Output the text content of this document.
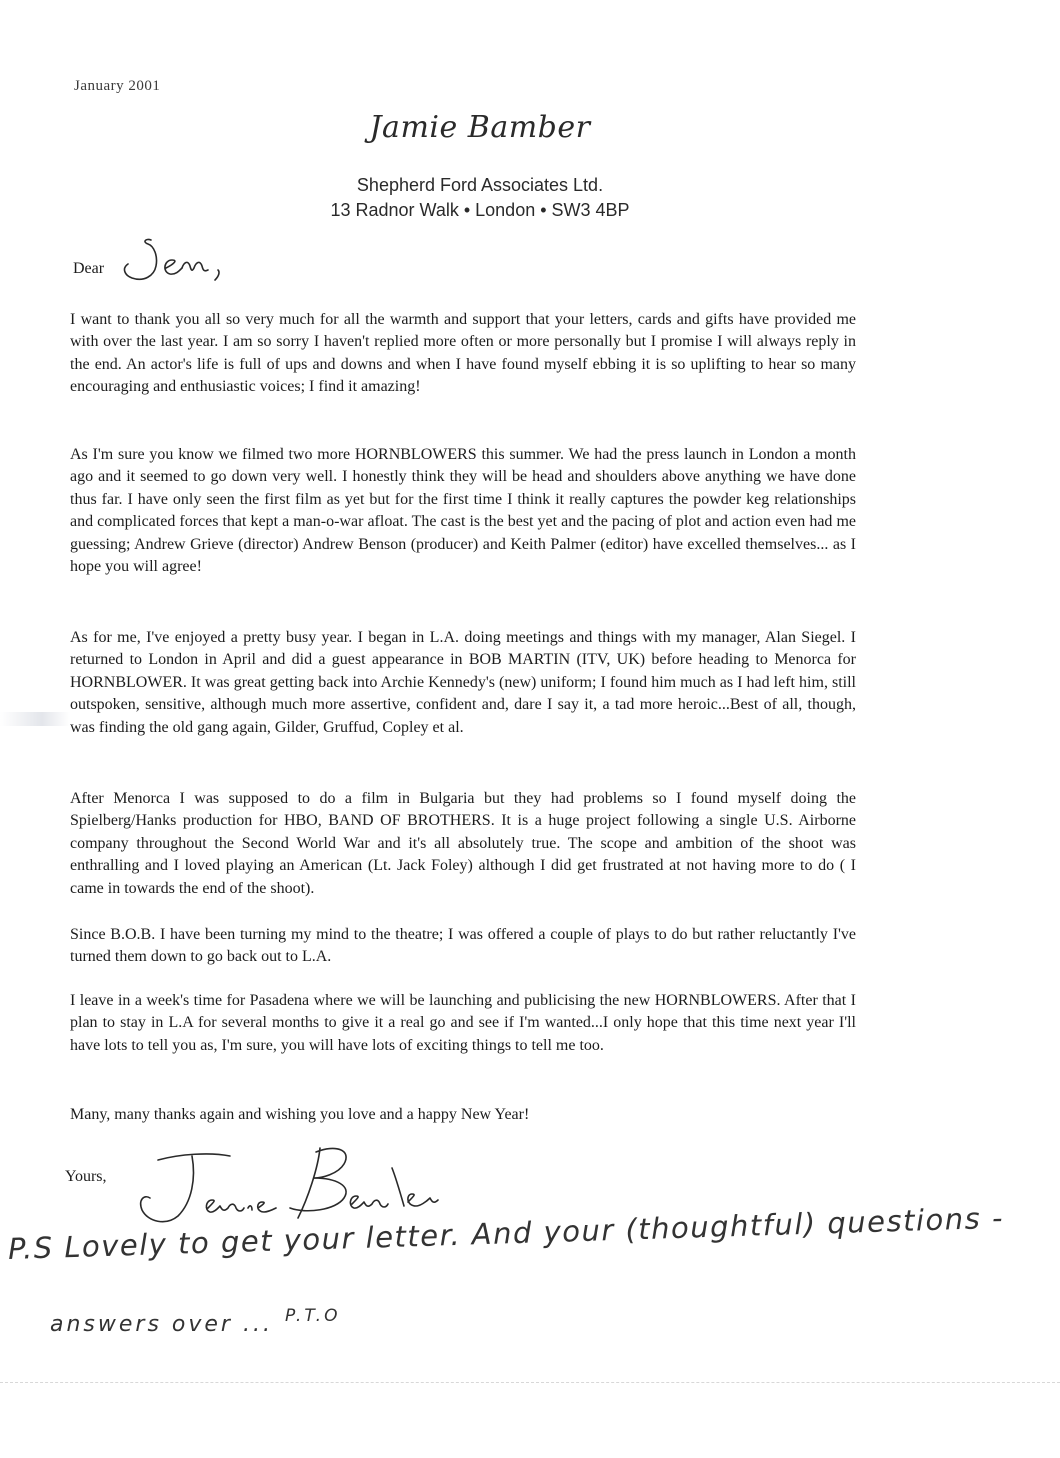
January 2001
Jamie Bamber
Shepherd Ford Associates Ltd.
13 Radnor Walk • London • SW3 4BP
Dear
I want to thank you all so very much for all the warmth and support that your letters, cards and gifts have provided me with over the last year. I am so sorry I haven't replied more often or more personally but I promise I will always reply in the end. An actor's life is full of ups and downs and when I have found myself ebbing it is so uplifting to hear so many encouraging and enthusiastic voices; I find it amazing!
As I'm sure you know we filmed two more HORNBLOWERS this summer. We had the press launch in London a month ago and it seemed to go down very well. I honestly think they will be head and shoulders above anything we have done thus far. I have only seen the first film as yet but for the first time I think it really captures the powder keg relationships and complicated forces that kept a man-o-war afloat. The cast is the best yet and the pacing of plot and action even had me guessing; Andrew Grieve (director) Andrew Benson (producer) and Keith Palmer (editor) have excelled themselves... as I hope you will agree!
As for me, I've enjoyed a pretty busy year. I began in L.A. doing meetings and things with my manager, Alan Siegel. I returned to London in April and did a guest appearance in BOB MARTIN (ITV, UK) before heading to Menorca for HORNBLOWER. It was great getting back into Archie Kennedy's (new) uniform; I found him much as I had left him, still outspoken, sensitive, although much more assertive, confident and, dare I say it, a tad more heroic...Best of all, though, was finding the old gang again, Gilder, Gruffud, Copley et al.
After Menorca I was supposed to do a film in Bulgaria but they had problems so I found myself doing the Spielberg/Hanks production for HBO, BAND OF BROTHERS. It is a huge project following a single U.S. Airborne company throughout the Second World War and it's all absolutely true. The scope and ambition of the shoot was enthralling and I loved playing an American (Lt. Jack Foley) although I did get frustrated at not having more to do ( I came in towards the end of the shoot).
Since B.O.B. I have been turning my mind to the theatre; I was offered a couple of plays to do but rather reluctantly I've turned them down to go back out to L.A.
I leave in a week's time for Pasadena where we will be launching and publicising the new HORNBLOWERS. After that I plan to stay in L.A for several months to give it a real go and see if I'm wanted...I only hope that this time next year I'll have lots to tell you as, I'm sure, you will have lots of exciting things to tell me too.
Many, many thanks again and wishing you love and a happy New Year!
Yours,
P.S Lovely to get your letter. And your (thoughtful) questions -
answers over ... P.T.O
